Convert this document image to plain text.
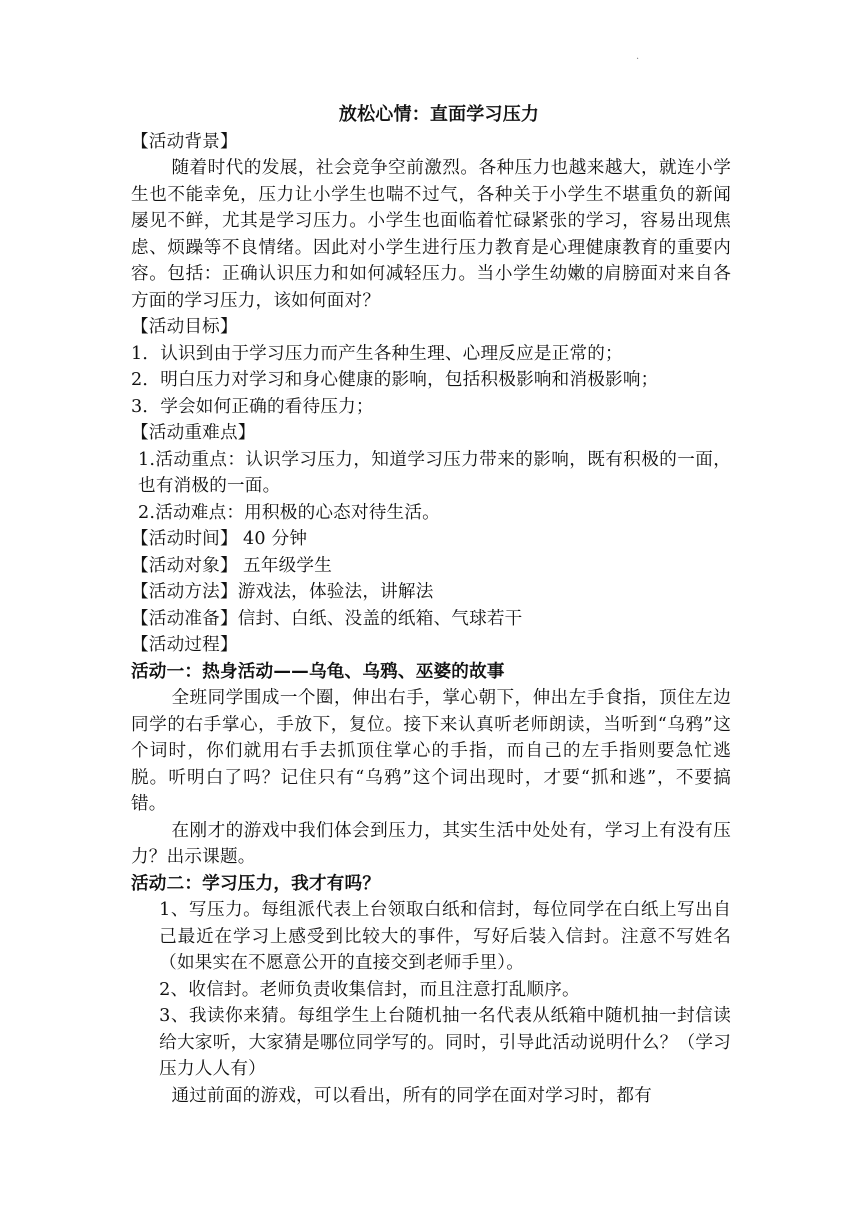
·

放松心情：直面学习压力

【活动背景】

随着时代的发展，社会竞争空前激烈。各种压力也越来越大，就连小学生也不能幸免，压力让小学生也喘不过气，各种关于小学生不堪重负的新闻屡见不鲜，尤其是学习压力。小学生也面临着忙碌紧张的学习，容易出现焦虑、烦躁等不良情绪。因此对小学生进行压力教育是心理健康教育的重要内容。包括：正确认识压力和如何减轻压力。当小学生幼嫩的肩膀面对来自各方面的学习压力，该如何面对？

【活动目标】

1．认识到由于学习压力而产生各种生理、心理反应是正常的；

2．明白压力对学习和身心健康的影响，包括积极影响和消极影响；

3．学会如何正确的看待压力；

【活动重难点】

1.活动重点：认识学习压力，知道学习压力带来的影响，既有积极的一面，也有消极的一面。

2.活动难点：用积极的心态对待生活。

【活动时间】 40 分钟

【活动对象】 五年级学生

【活动方法】游戏法，体验法，讲解法

【活动准备】信封、白纸、没盖的纸箱、气球若干

【活动过程】

活动一：热身活动——乌龟、乌鸦、巫婆的故事

全班同学围成一个圈，伸出右手，掌心朝下，伸出左手食指，顶住左边同学的右手掌心，手放下，复位。接下来认真听老师朗读，当听到“乌鸦”这个词时，你们就用右手去抓顶住掌心的手指，而自己的左手指则要急忙逃脱。听明白了吗？记住只有“乌鸦”这个词出现时，才要“抓和逃”，不要搞错。

在刚才的游戏中我们体会到压力，其实生活中处处有，学习上有没有压力？出示课题。

活动二：学习压力，我才有吗？

1、写压力。每组派代表上台领取白纸和信封，每位同学在白纸上写出自己最近在学习上感受到比较大的事件，写好后装入信封。注意不写姓名（如果实在不愿意公开的直接交到老师手里）。

2、收信封。老师负责收集信封，而且注意打乱顺序。

3、我读你来猜。每组学生上台随机抽一名代表从纸箱中随机抽一封信读给大家听，大家猜是哪位同学写的。同时，引导此活动说明什么？（学习压力人人有）

通过前面的游戏，可以看出，所有的同学在面对学习时，都有
